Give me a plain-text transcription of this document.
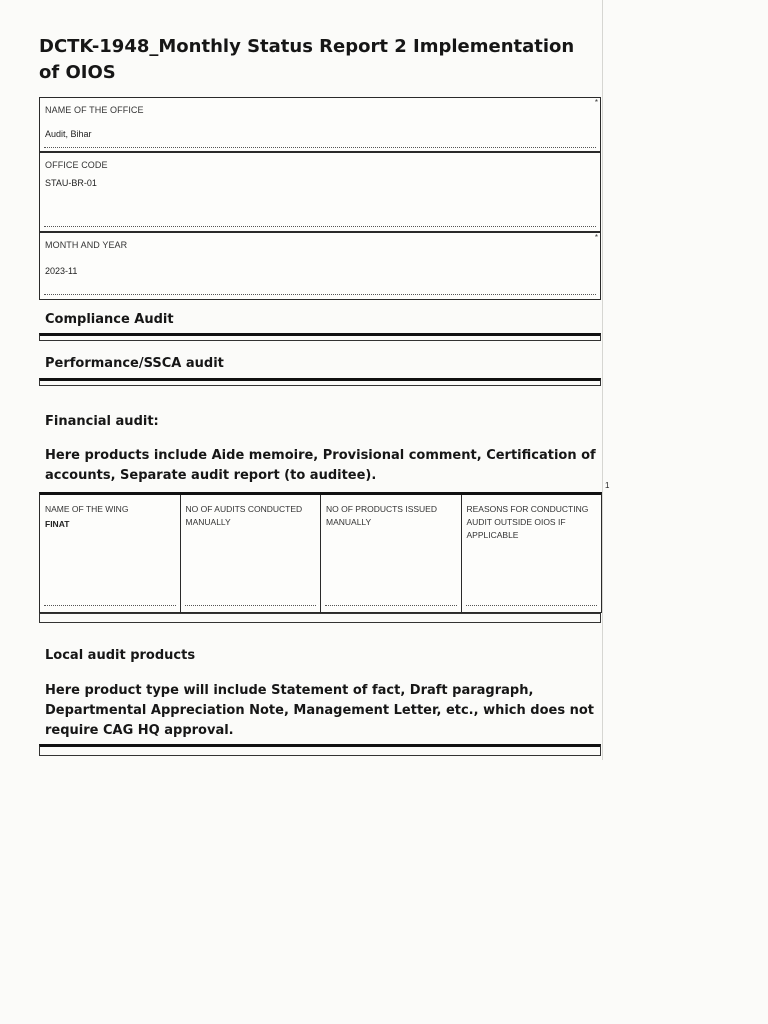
DCTK-1948_Monthly Status Report 2 Implementation of OIOS
NAME OF THE OFFICE
Audit, Bihar
*
OFFICE CODE
STAU-BR-01
MONTH AND YEAR
2023-11
*
Compliance Audit
Performance/SSCA audit
Financial audit:
Here products include Aide memoire, Provisional comment, Certification of accounts, Separate audit report (to auditee).
1
NAME OF THE WING
FINAT
NO OF AUDITS CONDUCTED MANUALLY
NO OF PRODUCTS ISSUED MANUALLY
REASONS FOR CONDUCTING AUDIT OUTSIDE OIOS IF APPLICABLE
Local audit products
Here product type will include Statement of fact, Draft paragraph, Departmental Appreciation Note, Management Letter, etc., which does not require CAG HQ approval.
